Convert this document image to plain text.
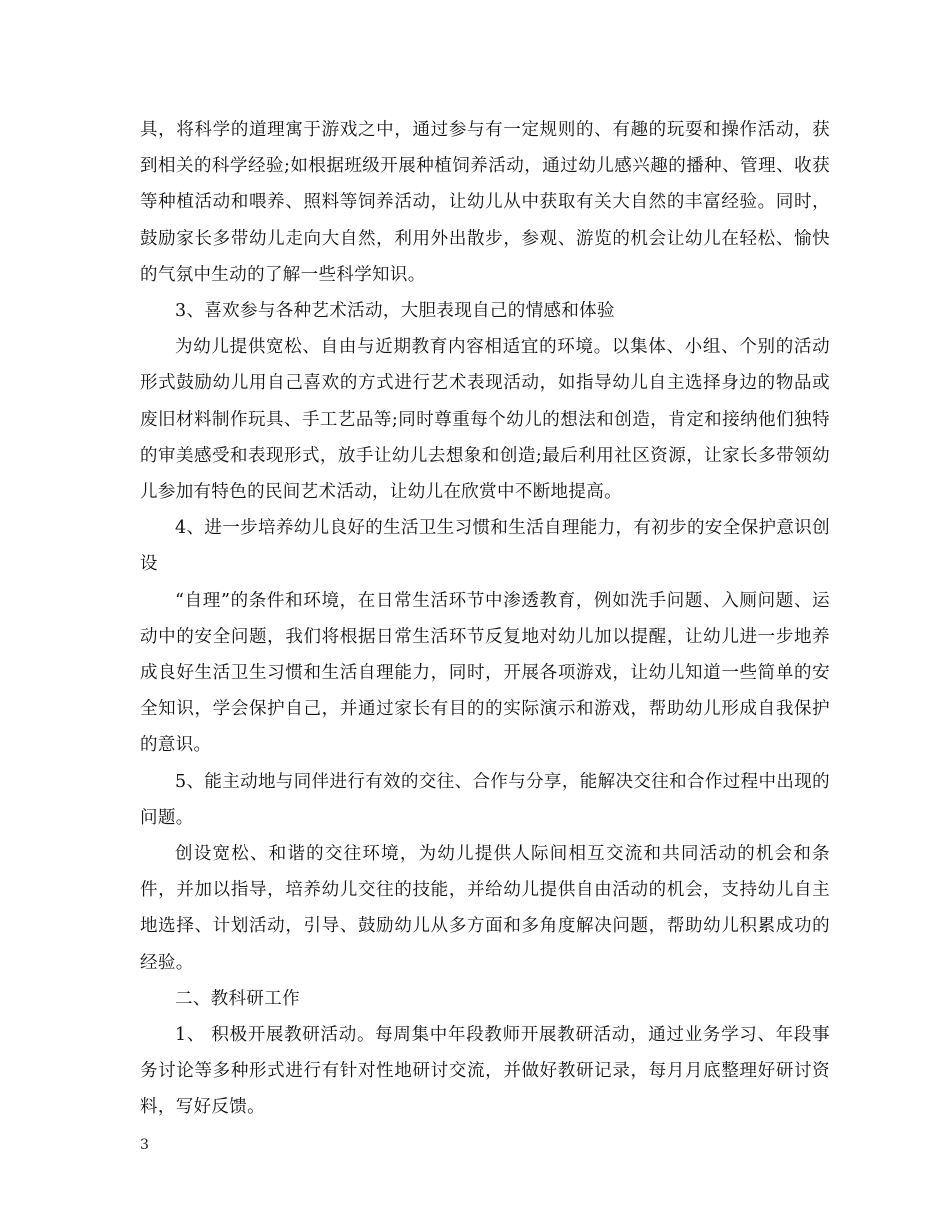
具，将科学的道理寓于游戏之中，通过参与有一定规则的、有趣的玩耍和操作活动，获到相关的科学经验;如根据班级开展种植饲养活动，通过幼儿感兴趣的播种、管理、收获等种植活动和喂养、照料等饲养活动，让幼儿从中获取有关大自然的丰富经验。同时，鼓励家长多带幼儿走向大自然，利用外出散步，参观、游览的机会让幼儿在轻松、愉快的气氛中生动的了解一些科学知识。

3、喜欢参与各种艺术活动，大胆表现自己的情感和体验

为幼儿提供宽松、自由与近期教育内容相适宜的环境。以集体、小组、个别的活动形式鼓励幼儿用自己喜欢的方式进行艺术表现活动，如指导幼儿自主选择身边的物品或废旧材料制作玩具、手工艺品等;同时尊重每个幼儿的想法和创造，肯定和接纳他们独特的审美感受和表现形式，放手让幼儿去想象和创造;最后利用社区资源，让家长多带领幼儿参加有特色的民间艺术活动，让幼儿在欣赏中不断地提高。

4、进一步培养幼儿良好的生活卫生习惯和生活自理能力，有初步的安全保护意识创设

“自理”的条件和环境，在日常生活环节中渗透教育，例如洗手问题、入厕问题、运动中的安全问题，我们将根据日常生活环节反复地对幼儿加以提醒，让幼儿进一步地养成良好生活卫生习惯和生活自理能力，同时，开展各项游戏，让幼儿知道一些简单的安全知识，学会保护自己，并通过家长有目的的实际演示和游戏，帮助幼儿形成自我保护的意识。

5、能主动地与同伴进行有效的交往、合作与分享，能解决交往和合作过程中出现的问题。

创设宽松、和谐的交往环境，为幼儿提供人际间相互交流和共同活动的机会和条件，并加以指导，培养幼儿交往的技能，并给幼儿提供自由活动的机会，支持幼儿自主地选择、计划活动，引导、鼓励幼儿从多方面和多角度解决问题，帮助幼儿积累成功的经验。

二、教科研工作

1、 积极开展教研活动。每周集中年段教师开展教研活动，通过业务学习、年段事务讨论等多种形式进行有针对性地研讨交流，并做好教研记录，每月月底整理好研讨资料，写好反馈。

3
